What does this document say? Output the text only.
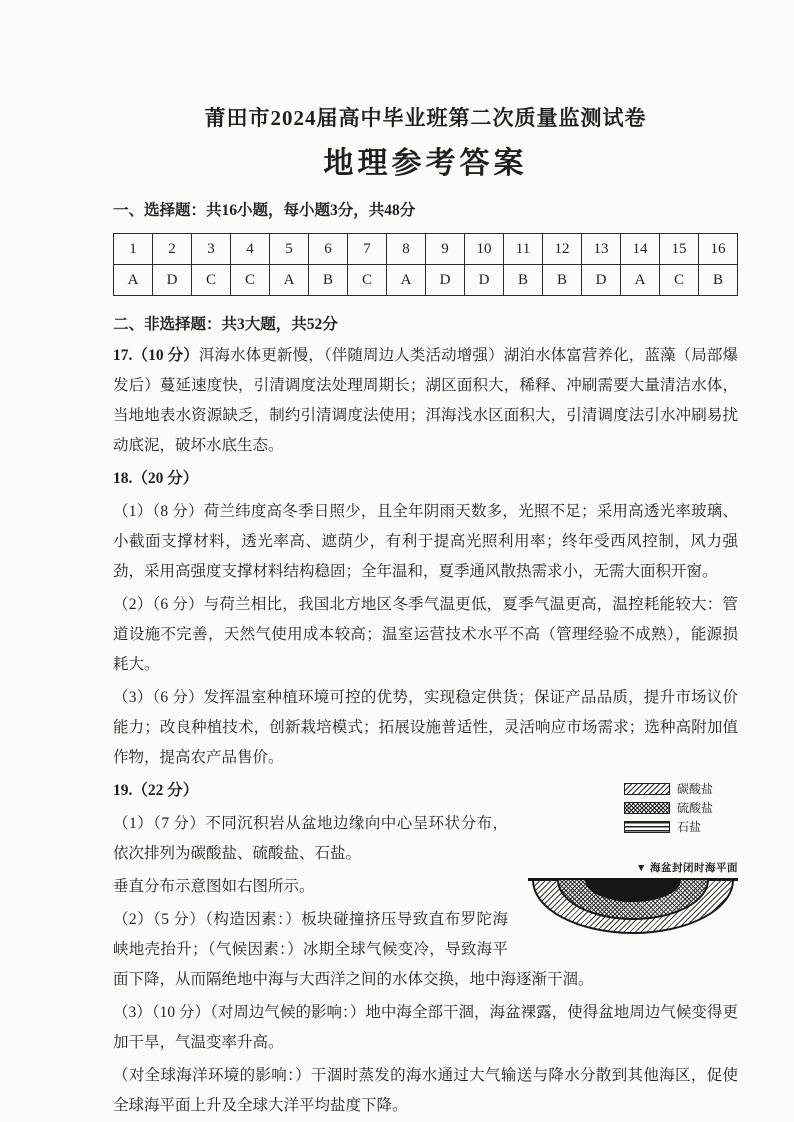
莆田市2024届高中毕业班第二次质量监测试卷
地理参考答案
一、选择题：共16小题，每小题3分，共48分
1	2	3	4	5	6	7	8	9	10	11	12	13	14	15	16
A	D	C	C	A	B	C	A	D	D	B	B	D	A	C	B
二、非选择题：共3大题，共52分

17.（10 分）洱海水体更新慢，（伴随周边人类活动增强）湖泊水体富营养化，蓝藻（局部爆发后）蔓延速度快，引清调度法处理周期长；湖区面积大，稀释、冲刷需要大量清洁水体，当地地表水资源缺乏，制约引清调度法使用；洱海浅水区面积大，引清调度法引水冲刷易扰动底泥，破坏水底生态。

18.（20 分）

（1）（8 分）荷兰纬度高冬季日照少，且全年阴雨天数多，光照不足；采用高透光率玻璃、小截面支撑材料，透光率高、遮荫少，有利于提高光照利用率；终年受西风控制，风力强劲，采用高强度支撑材料结构稳固；全年温和，夏季通风散热需求小，无需大面积开窗。

（2）（6 分）与荷兰相比，我国北方地区冬季气温更低，夏季气温更高，温控耗能较大：管道设施不完善，天然气使用成本较高；温室运营技术水平不高（管理经验不成熟），能源损耗大。

（3）（6 分）发挥温室种植环境可控的优势，实现稳定供货；保证产品品质，提升市场议价能力；改良种植技术，创新栽培模式；拓展设施普适性，灵活响应市场需求；选种高附加值作物，提高农产品售价。

碳酸盐
硫酸盐
石盐
▼ 海盆封闭时海平面

19.（22 分）

（1）（7 分）不同沉积岩从盆地边缘向中心呈环状分布，依次排列为碳酸盐、硫酸盐、石盐。

垂直分布示意图如右图所示。

（2）（5 分）（构造因素：）板块碰撞挤压导致直布罗陀海峡地壳抬升；（气候因素：）冰期全球气候变冷，导致海平面下降，从而隔绝地中海与大西洋之间的水体交换，地中海逐渐干涸。

（3）（10 分）（对周边气候的影响：）地中海全部干涸，海盆裸露，使得盆地周边气候变得更加干旱，气温变率升高。

（对全球海洋环境的影响：）干涸时蒸发的海水通过大气输送与降水分散到其他海区，促使全球海平面上升及全球大洋平均盐度下降。
